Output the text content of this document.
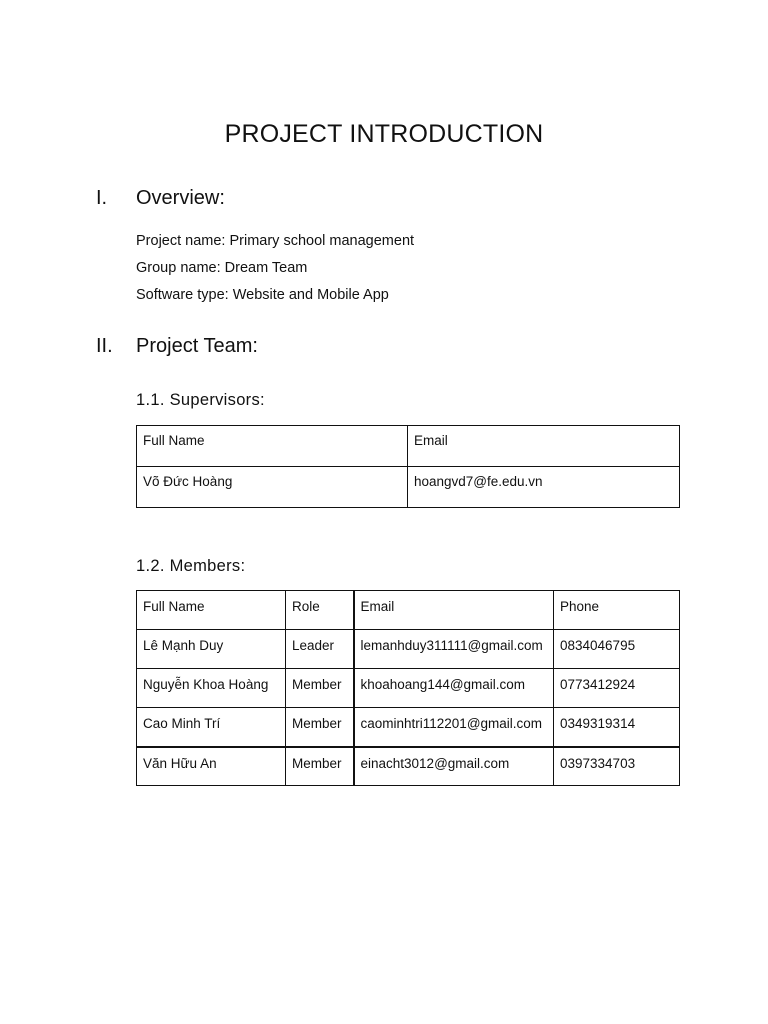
PROJECT INTRODUCTION
I. Overview:
Project name: Primary school management
Group name: Dream Team
Software type: Website and Mobile App
II. Project Team:
1.1. Supervisors:
Full Name	Email
Võ Đức Hoàng	hoangvd7@fe.edu.vn
1.2. Members:
Full Name	Role	Email	Phone
Lê Mạnh Duy	Leader	lemanhduy311111@gmail.com	0834046795
Nguyễn Khoa Hoàng	Member	khoahoang144@gmail.com	0773412924
Cao Minh Trí	Member	caominhtri112201@gmail.com	0349319314
Văn Hữu An	Member	einacht3012@gmail.com	0397334703
